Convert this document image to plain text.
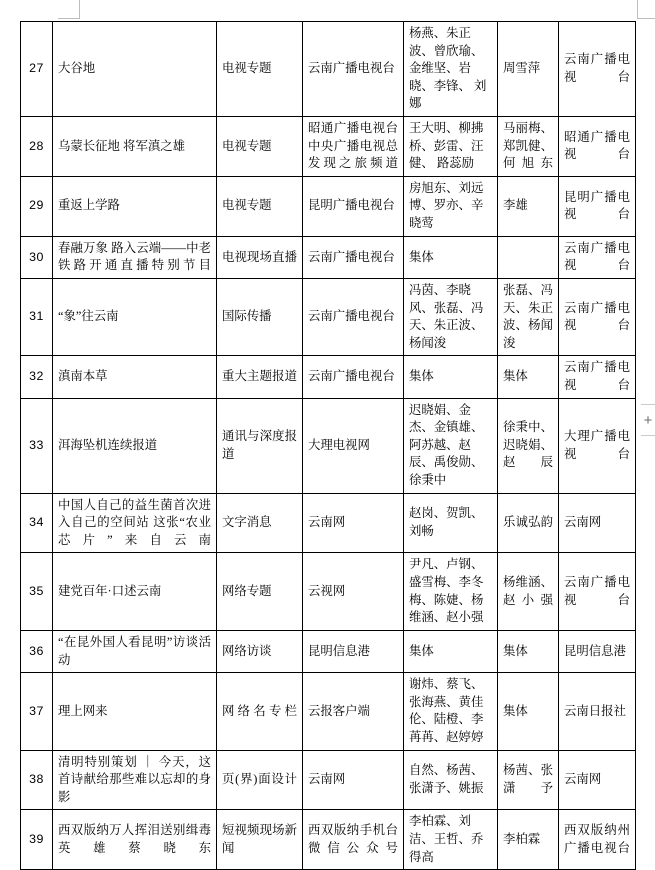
+
27	大谷地	电视专题	云南广播电视台	杨燕、朱正波、曾欣瑜、金维坚、岩晓、李锋、 刘娜	周雪萍	云南广播电视台
28	乌蒙长征地 将军滇之雄	电视专题	昭通广播电视台中央广播电视总发现之旅频道	王大明、柳拂桥、彭雷、汪健、 路蕊励	马丽梅、郑凯健、何旭东	昭通广播电视台
29	重返上学路	电视专题	昆明广播电视台	房旭东、刘远博、罗亦、辛晓莺	李雄	昆明广播电视台
30	春融万象 路入云端——中老铁路开通直播特别节目	电视现场直播	云南广播电视台	集体		云南广播电视台
31	“象”往云南	国际传播	云南广播电视台	冯茵、李晓风、张磊、冯天、朱正波、杨闻浚	张磊、冯天、朱正波、杨闻浚	云南广播电视台
32	滇南本草	重大主题报道	云南广播电视台	集体	集体	云南广播电视台
33	洱海坠机连续报道	通讯与深度报道	大理电视网	迟晓娟、金杰、金镇雄、阿苏越、赵辰、禹俊勋、徐秉中	徐秉中、迟晓娟、赵辰	大理广播电视台
34	中国人自己的益生菌首次进入自己的空间站 这张“农业芯片”来自云南	文字消息	云南网	赵岗、贺凯、刘畅	乐诚弘韵	云南网
35	建党百年·口述云南	网络专题	云视网	尹凡、卢钢、盛雪梅、李冬梅、陈婕、杨维涵、赵小强	杨维涵、赵小强	云南广播电视台
36	“在昆外国人看昆明”访谈活动	网络访谈	昆明信息港	集体	集体	昆明信息港
37	理上网来	网络名专栏	云报客户端	谢炜、蔡飞、张海燕、黄佳伦、陆橙、李苒苒、赵婷婷	集体	云南日报社
38	清明特别策划 ｜ 今天，这首诗献给那些难以忘却的身影	页(界)面设计	云南网	自然、杨茜、张潇予、姚振	杨茜、张潇予	云南网
39	西双版纳万人挥泪送别缉毒英雄蔡晓东	短视频现场新闻	西双版纳手机台微信公众号	李柏霖、刘洁、王哲、乔得高	李柏霖	西双版纳州广播电视台
